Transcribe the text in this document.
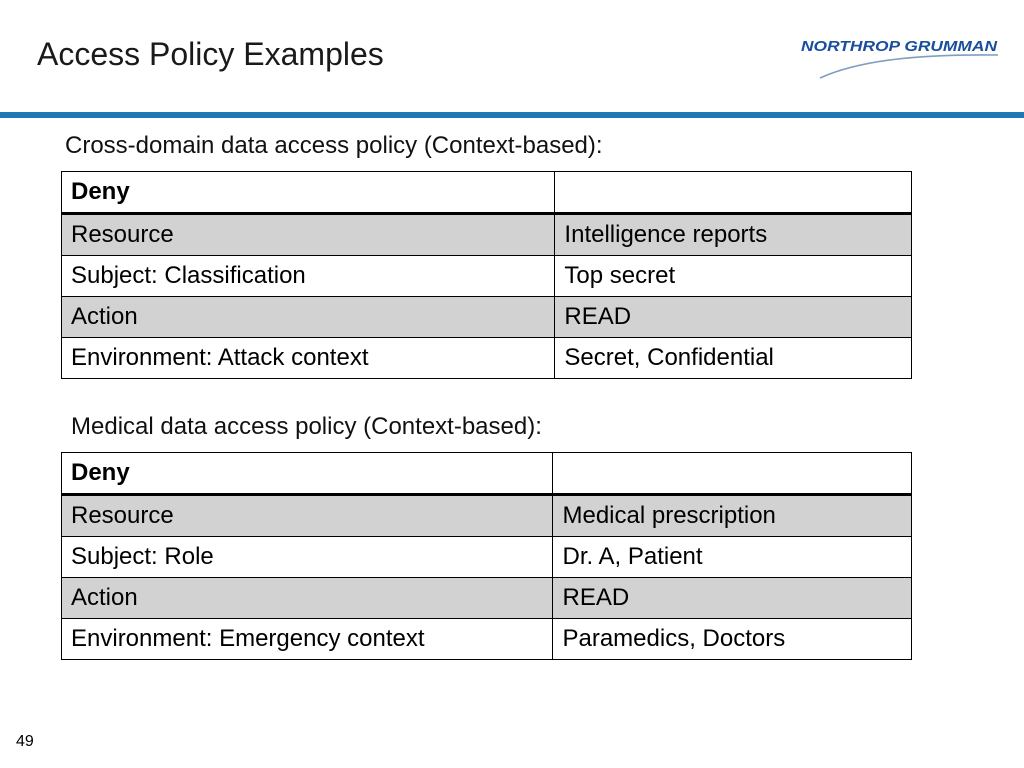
Access Policy Examples	NORTHROP GRUMMAN
Cross-domain data access policy (Context-based):
Deny	
Resource	Intelligence reports
Subject: Classification	Top secret
Action	READ
Environment: Attack context	Secret, Confidential
Medical data access policy (Context-based):
Deny	
Resource	Medical prescription
Subject: Role	Dr. A, Patient
Action	READ
Environment: Emergency context	Paramedics, Doctors
49
